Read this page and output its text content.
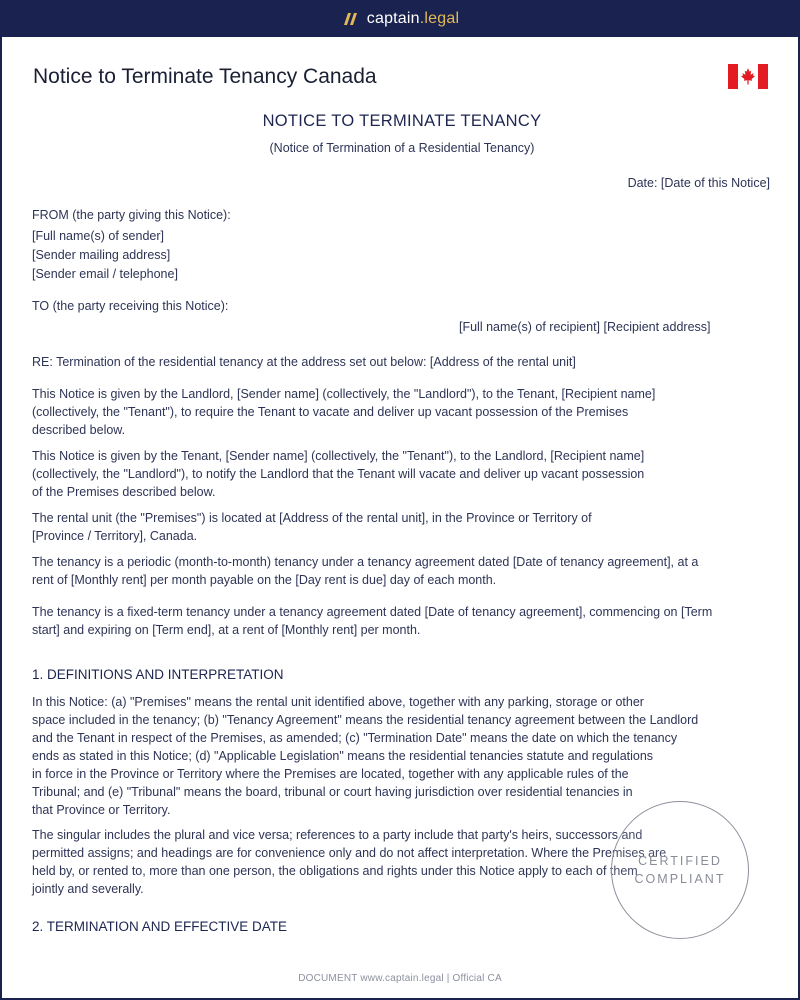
captain.legal
Notice to Terminate Tenancy Canada
NOTICE TO TERMINATE TENANCY
(Notice of Termination of a Residential Tenancy)
Date: [Date of this Notice]
FROM (the party giving this Notice):
[Full name(s) of sender]
[Sender mailing address]
[Sender email / telephone]
TO (the party receiving this Notice):
[Full name(s) of recipient] [Recipient address]
RE: Termination of the residential tenancy at the address set out below: [Address of the rental unit]
This Notice is given by the Landlord, [Sender name] (collectively, the "Landlord"), to the Tenant, [Recipient name]
(collectively, the "Tenant"), to require the Tenant to vacate and deliver up vacant possession of the Premises
described below.
This Notice is given by the Tenant, [Sender name] (collectively, the "Tenant"), to the Landlord, [Recipient name]
(collectively, the "Landlord"), to notify the Landlord that the Tenant will vacate and deliver up vacant possession
of the Premises described below.
The rental unit (the "Premises") is located at [Address of the rental unit], in the Province or Territory of
[Province / Territory], Canada.
The tenancy is a periodic (month-to-month) tenancy under a tenancy agreement dated [Date of tenancy agreement], at a
rent of [Monthly rent] per month payable on the [Day rent is due] day of each month.
The tenancy is a fixed-term tenancy under a tenancy agreement dated [Date of tenancy agreement], commencing on [Term
start] and expiring on [Term end], at a rent of [Monthly rent] per month.
1. DEFINITIONS AND INTERPRETATION
In this Notice: (a) "Premises" means the rental unit identified above, together with any parking, storage or other
space included in the tenancy; (b) "Tenancy Agreement" means the residential tenancy agreement between the Landlord
and the Tenant in respect of the Premises, as amended; (c) "Termination Date" means the date on which the tenancy
ends as stated in this Notice; (d) "Applicable Legislation" means the residential tenancies statute and regulations
in force in the Province or Territory where the Premises are located, together with any applicable rules of the
Tribunal; and (e) "Tribunal" means the board, tribunal or court having jurisdiction over residential tenancies in
that Province or Territory.
The singular includes the plural and vice versa; references to a party include that party's heirs, successors and
permitted assigns; and headings are for convenience only and do not affect interpretation. Where the Premises are
held by, or rented to, more than one person, the obligations and rights under this Notice apply to each of them
jointly and severally.
2. TERMINATION AND EFFECTIVE DATE
CERTIFIED
COMPLIANT
DOCUMENT www.captain.legal | Official CA
